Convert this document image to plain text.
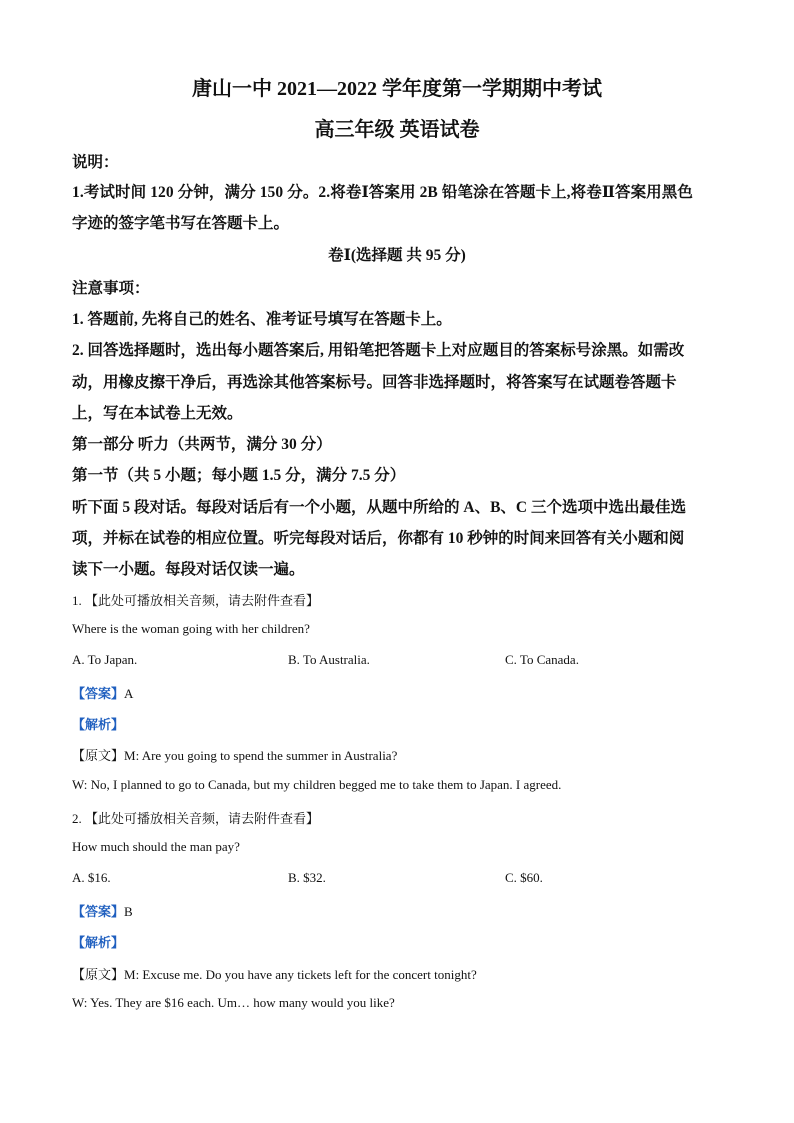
唐山一中 2021—2022 学年度第一学期期中考试
高三年级 英语试卷
说明：
1.考试时间 120 分钟，满分 150 分。2.将卷Ⅰ答案用 2B 铅笔涂在答题卡上,将卷Ⅱ答案用黑色
字迹的签字笔书写在答题卡上。
卷Ⅰ(选择题 共 95 分)
注意事项：
1. 答题前, 先将自己的姓名、准考证号填写在答题卡上。
2. 回答选择题时，选出每小题答案后, 用铅笔把答题卡上对应题目的答案标号涂黑。如需改
动，用橡皮擦干净后，再选涂其他答案标号。回答非选择题时，将答案写在试题卷答题卡
上，写在本试卷上无效。
第一部分 听力（共两节，满分 30 分）
第一节（共 5 小题；每小题 1.5 分，满分 7.5 分）
听下面 5 段对话。每段对话后有一个小题，从题中所给的 A、B、C 三个选项中选出最佳选
项，并标在试卷的相应位置。听完每段对话后，你都有 10 秒钟的时间来回答有关小题和阅
读下一小题。每段对话仅读一遍。
1. 【此处可播放相关音频，请去附件查看】
Where is the woman going with her children?
A. To Japan.	B. To Australia.	C. To Canada.
【答案】A
【解析】
【原文】M: Are you going to spend the summer in Australia?
W: No, I planned to go to Canada, but my children begged me to take them to Japan. I agreed.
2. 【此处可播放相关音频，请去附件查看】
How much should the man pay?
A. $16.	B. $32.	C. $60.
【答案】B
【解析】
【原文】M: Excuse me. Do you have any tickets left for the concert tonight?
W: Yes. They are $16 each. Um… how many would you like?
